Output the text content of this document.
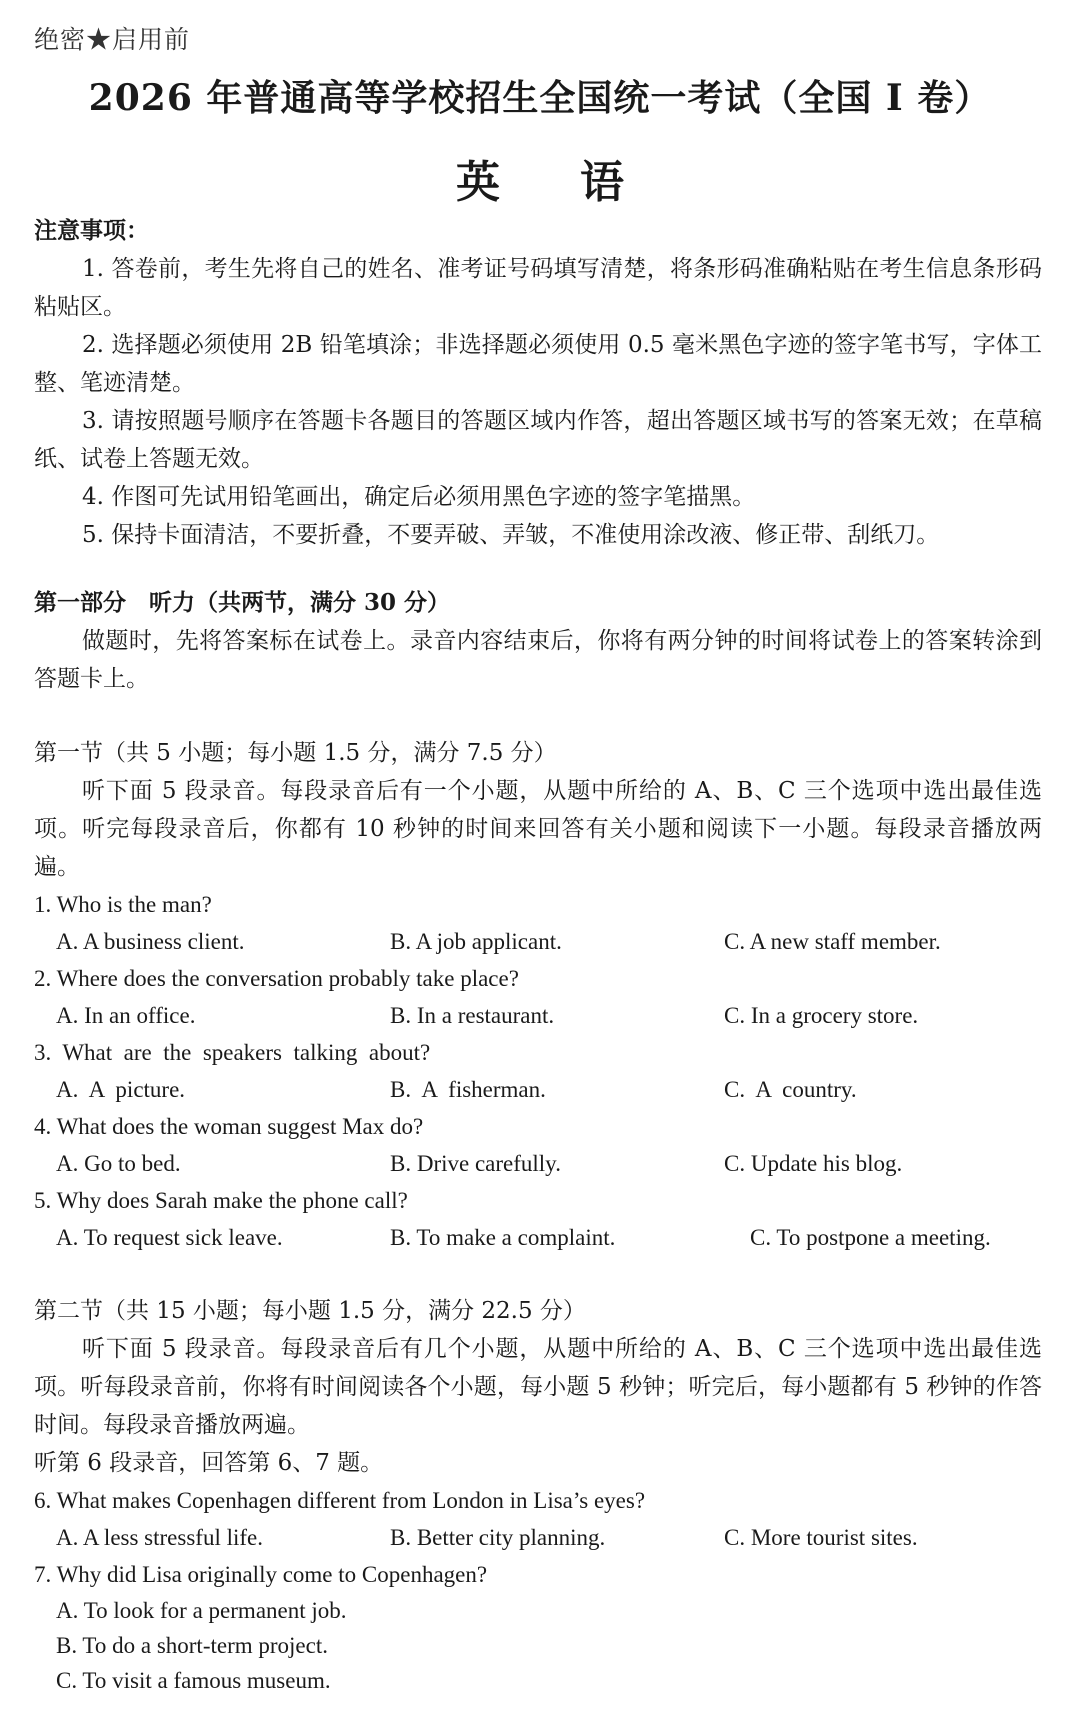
绝密★启用前
2026 年普通高等学校招生全国统一考试（全国 I 卷）
英语
注意事项：
1. 答卷前，考生先将自己的姓名、准考证号码填写清楚，将条形码准确粘贴在考生信息条形码粘贴区。
2. 选择题必须使用 2B 铅笔填涂；非选择题必须使用 0.5 毫米黑色字迹的签字笔书写，字体工整、笔迹清楚。
3. 请按照题号顺序在答题卡各题目的答题区域内作答，超出答题区域书写的答案无效；在草稿纸、试卷上答题无效。
4. 作图可先试用铅笔画出，确定后必须用黑色字迹的签字笔描黑。
5. 保持卡面清洁，不要折叠，不要弄破、弄皱，不准使用涂改液、修正带、刮纸刀。
第一部分　听力（共两节，满分 30 分）
做题时，先将答案标在试卷上。录音内容结束后，你将有两分钟的时间将试卷上的答案转涂到答题卡上。
第一节（共 5 小题；每小题 1.5 分，满分 7.5 分）
听下面 5 段录音。每段录音后有一个小题，从题中所给的 A、B、C 三个选项中选出最佳选项。听完每段录音后，你都有 10 秒钟的时间来回答有关小题和阅读下一小题。每段录音播放两遍。
1. Who is the man?
A. A business client.	B. A job applicant.	C. A new staff member.
2. Where does the conversation probably take place?
A. In an office.	B. In a restaurant.	C. In a grocery store.
3.  What  are  the  speakers  talking  about?
A.  A  picture.	B.  A  fisherman.	C.  A  country.
4. What does the woman suggest Max do?
A. Go to bed.	B. Drive carefully.	C. Update his blog.
5. Why does Sarah make the phone call?
A. To request sick leave.	B. To make a complaint.	C. To postpone a meeting.
第二节（共 15 小题；每小题 1.5 分，满分 22.5 分）
听下面 5 段录音。每段录音后有几个小题，从题中所给的 A、B、C 三个选项中选出最佳选项。听每段录音前，你将有时间阅读各个小题，每小题 5 秒钟；听完后，每小题都有 5 秒钟的作答时间。每段录音播放两遍。
听第 6 段录音，回答第 6、7 题。
6. What makes Copenhagen different from London in Lisa’s eyes?
A. A less stressful life.	B. Better city planning.	C. More tourist sites.
7. Why did Lisa originally come to Copenhagen?
A. To look for a permanent job.
B. To do a short-term project.
C. To visit a famous museum.
